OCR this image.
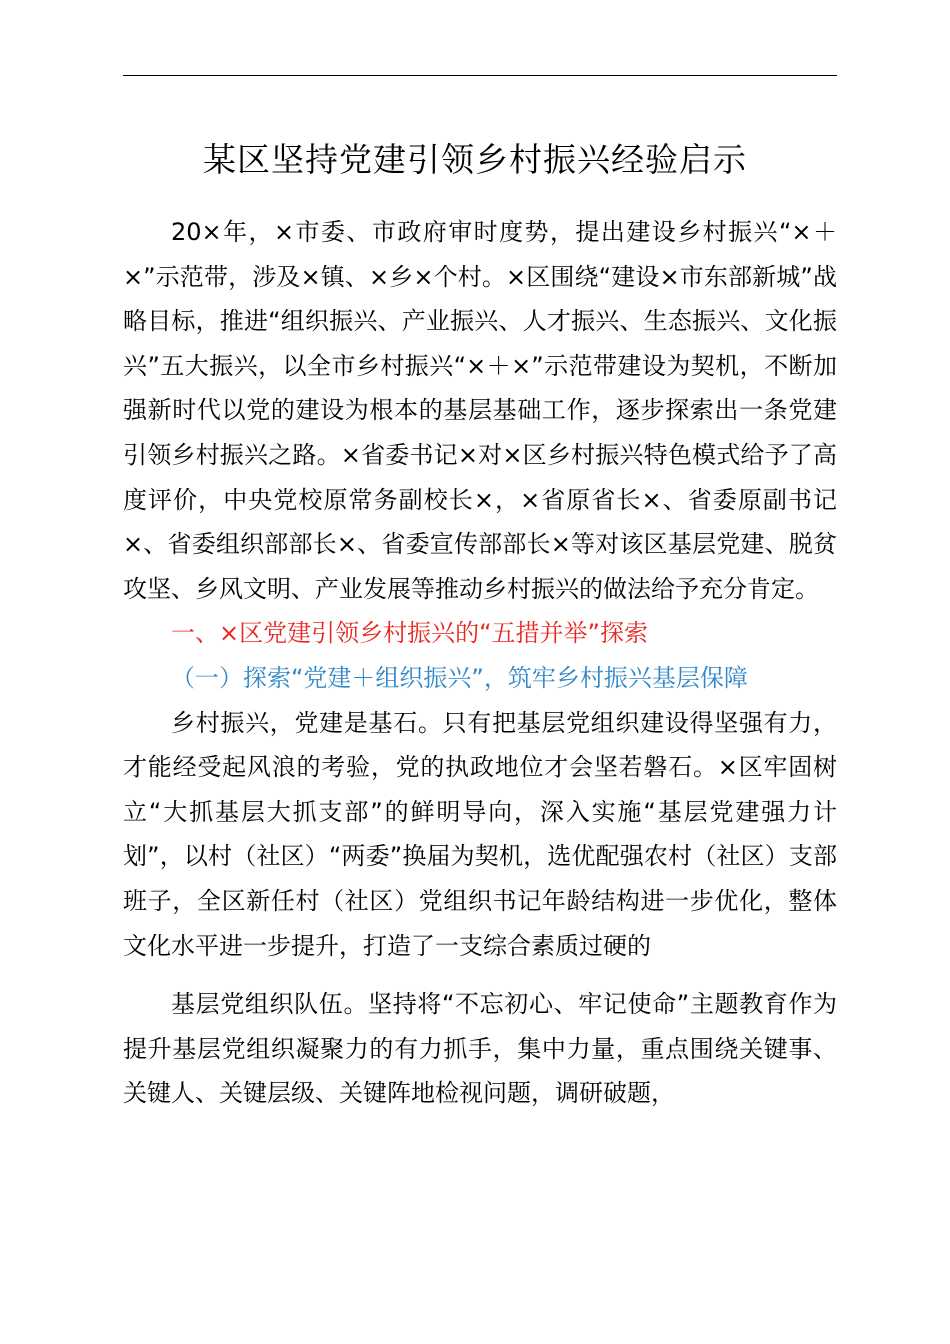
某区坚持党建引领乡村振兴经验启示

20×年，×市委、市政府审时度势，提出建设乡村振兴“×＋×”示范带，涉及×镇、×乡×个村。×区围绕“建设×市东部新城”战略目标，推进“组织振兴、产业振兴、人才振兴、生态振兴、文化振兴”五大振兴，以全市乡村振兴“×＋×”示范带建设为契机，不断加强新时代以党的建设为根本的基层基础工作，逐步探索出一条党建引领乡村振兴之路。×省委书记×对×区乡村振兴特色模式给予了高度评价，中央党校原常务副校长×，×省原省长×、省委原副书记×、省委组织部部长×、省委宣传部部长×等对该区基层党建、脱贫攻坚、乡风文明、产业发展等推动乡村振兴的做法给予充分肯定。

一、×区党建引领乡村振兴的“五措并举”探索

（一）探索“党建＋组织振兴”，筑牢乡村振兴基层保障

乡村振兴，党建是基石。只有把基层党组织建设得坚强有力，才能经受起风浪的考验，党的执政地位才会坚若磐石。×区牢固树立“大抓基层大抓支部”的鲜明导向，深入实施“基层党建强力计划”，以村（社区）“两委”换届为契机，选优配强农村（社区）支部班子，全区新任村（社区）党组织书记年龄结构进一步优化，整体文化水平进一步提升，打造了一支综合素质过硬的

基层党组织队伍。坚持将“不忘初心、牢记使命”主题教育作为提升基层党组织凝聚力的有力抓手，集中力量，重点围绕关键事、关键人、关键层级、关键阵地检视问题，调研破题，
